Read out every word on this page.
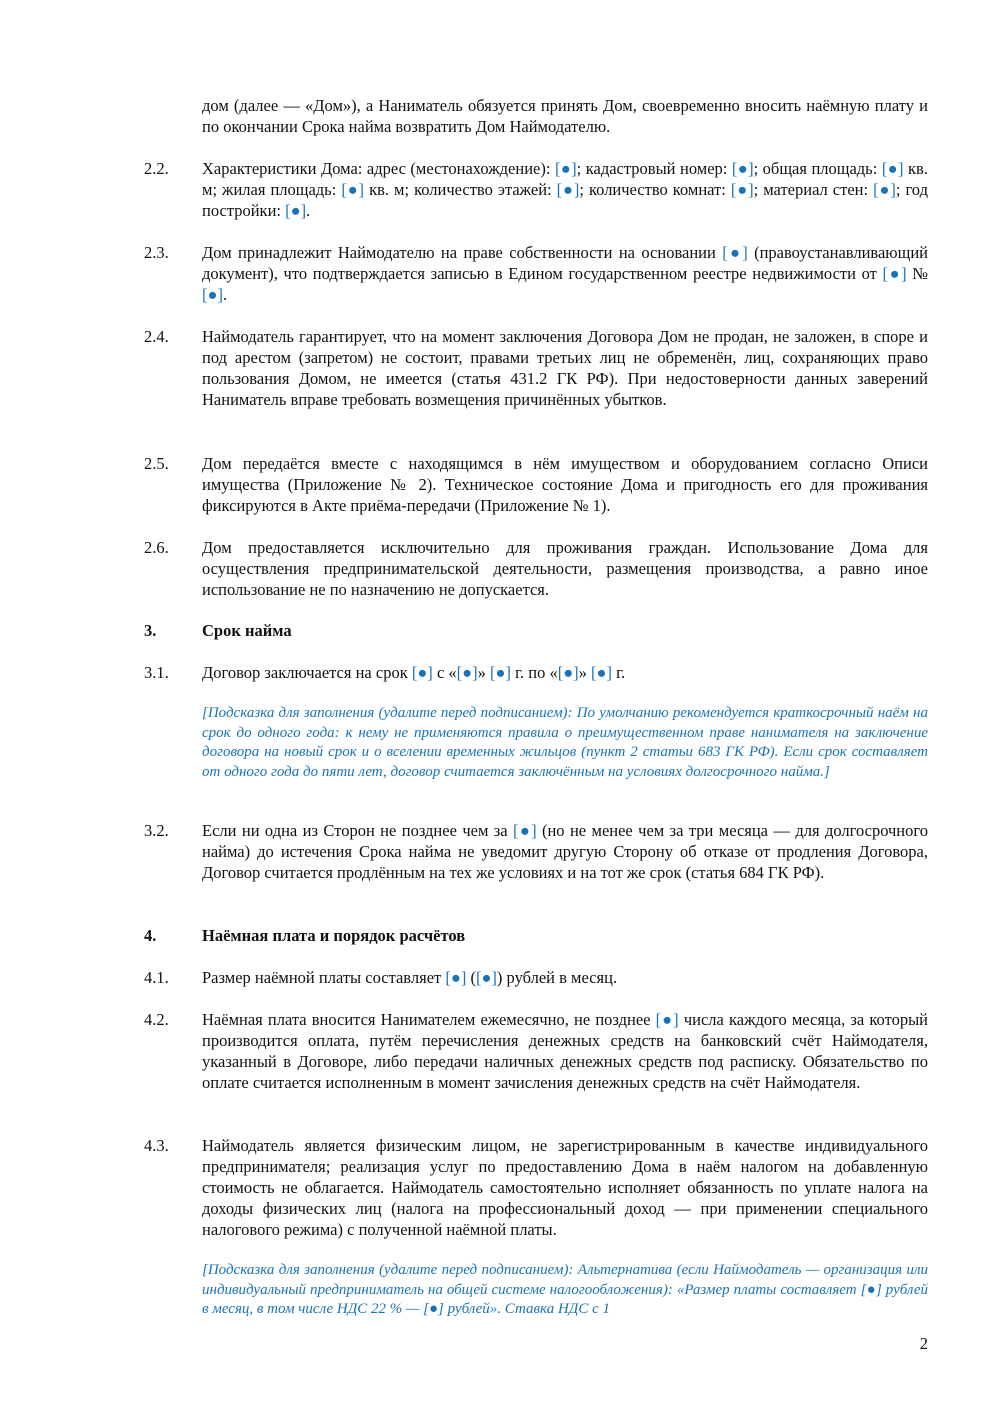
дом (далее — «Дом»), а Наниматель обязуется принять Дом, своевременно вносить наёмную плату и по окончании Срока найма возвратить Дом Наймодателю.
2.2.	Характеристики Дома: адрес (местонахождение): [●]; кадастровый номер: [●]; общая площадь: [●] кв. м; жилая площадь: [●] кв. м; количество этажей: [●]; количество комнат: [●]; материал стен: [●]; год постройки: [●].
2.3.	Дом принадлежит Наймодателю на праве собственности на основании [●] (правоустанавливающий документ), что подтверждается записью в Едином государственном реестре недвижимости от [●] № [●].
2.4.	Наймодатель гарантирует, что на момент заключения Договора Дом не продан, не заложен, в споре и под арестом (запретом) не состоит, правами третьих лиц не обременён, лиц, сохраняющих право пользования Домом, не имеется (статья 431.2 ГК РФ). При недостоверности данных заверений Наниматель вправе требовать возмещения причинённых убытков.
2.5.	Дом передаётся вместе с находящимся в нём имуществом и оборудованием согласно Описи имущества (Приложение № 2). Техническое состояние Дома и пригодность его для проживания фиксируются в Акте приёма-передачи (Приложение № 1).
2.6.	Дом предоставляется исключительно для проживания граждан. Использование Дома для осуществления предпринимательской деятельности, размещения производства, а равно иное использование не по назначению не допускается.
3.	Срок найма
3.1.	Договор заключается на срок [●] с «[●]» [●] г. по «[●]» [●] г.
[Подсказка для заполнения (удалите перед подписанием): По умолчанию рекомендуется краткосрочный наём на срок до одного года: к нему не применяются правила о преимущественном праве нанимателя на заключение договора на новый срок и о вселении временных жильцов (пункт 2 статьи 683 ГК РФ). Если срок составляет от одного года до пяти лет, договор считается заключённым на условиях долгосрочного найма.]
3.2.	Если ни одна из Сторон не позднее чем за [●] (но не менее чем за три месяца — для долгосрочного найма) до истечения Срока найма не уведомит другую Сторону об отказе от продления Договора, Договор считается продлённым на тех же условиях и на тот же срок (статья 684 ГК РФ).
4.	Наёмная плата и порядок расчётов
4.1.	Размер наёмной платы составляет [●] ([●]) рублей в месяц.
4.2.	Наёмная плата вносится Нанимателем ежемесячно, не позднее [●] числа каждого месяца, за который производится оплата, путём перечисления денежных средств на банковский счёт Наймодателя, указанный в Договоре, либо передачи наличных денежных средств под расписку. Обязательство по оплате считается исполненным в момент зачисления денежных средств на счёт Наймодателя.
4.3.	Наймодатель является физическим лицом, не зарегистрированным в качестве индивидуального предпринимателя; реализация услуг по предоставлению Дома в наём налогом на добавленную стоимость не облагается. Наймодатель самостоятельно исполняет обязанность по уплате налога на доходы физических лиц (налога на профессиональный доход — при применении специального налогового режима) с полученной наёмной платы.
[Подсказка для заполнения (удалите перед подписанием): Альтернатива (если Наймодатель — организация или индивидуальный предприниматель на общей системе налогообложения): «Размер платы составляет [●] рублей в месяц, в том числе НДС 22 % — [●] рублей». Ставка НДС с 1
2
